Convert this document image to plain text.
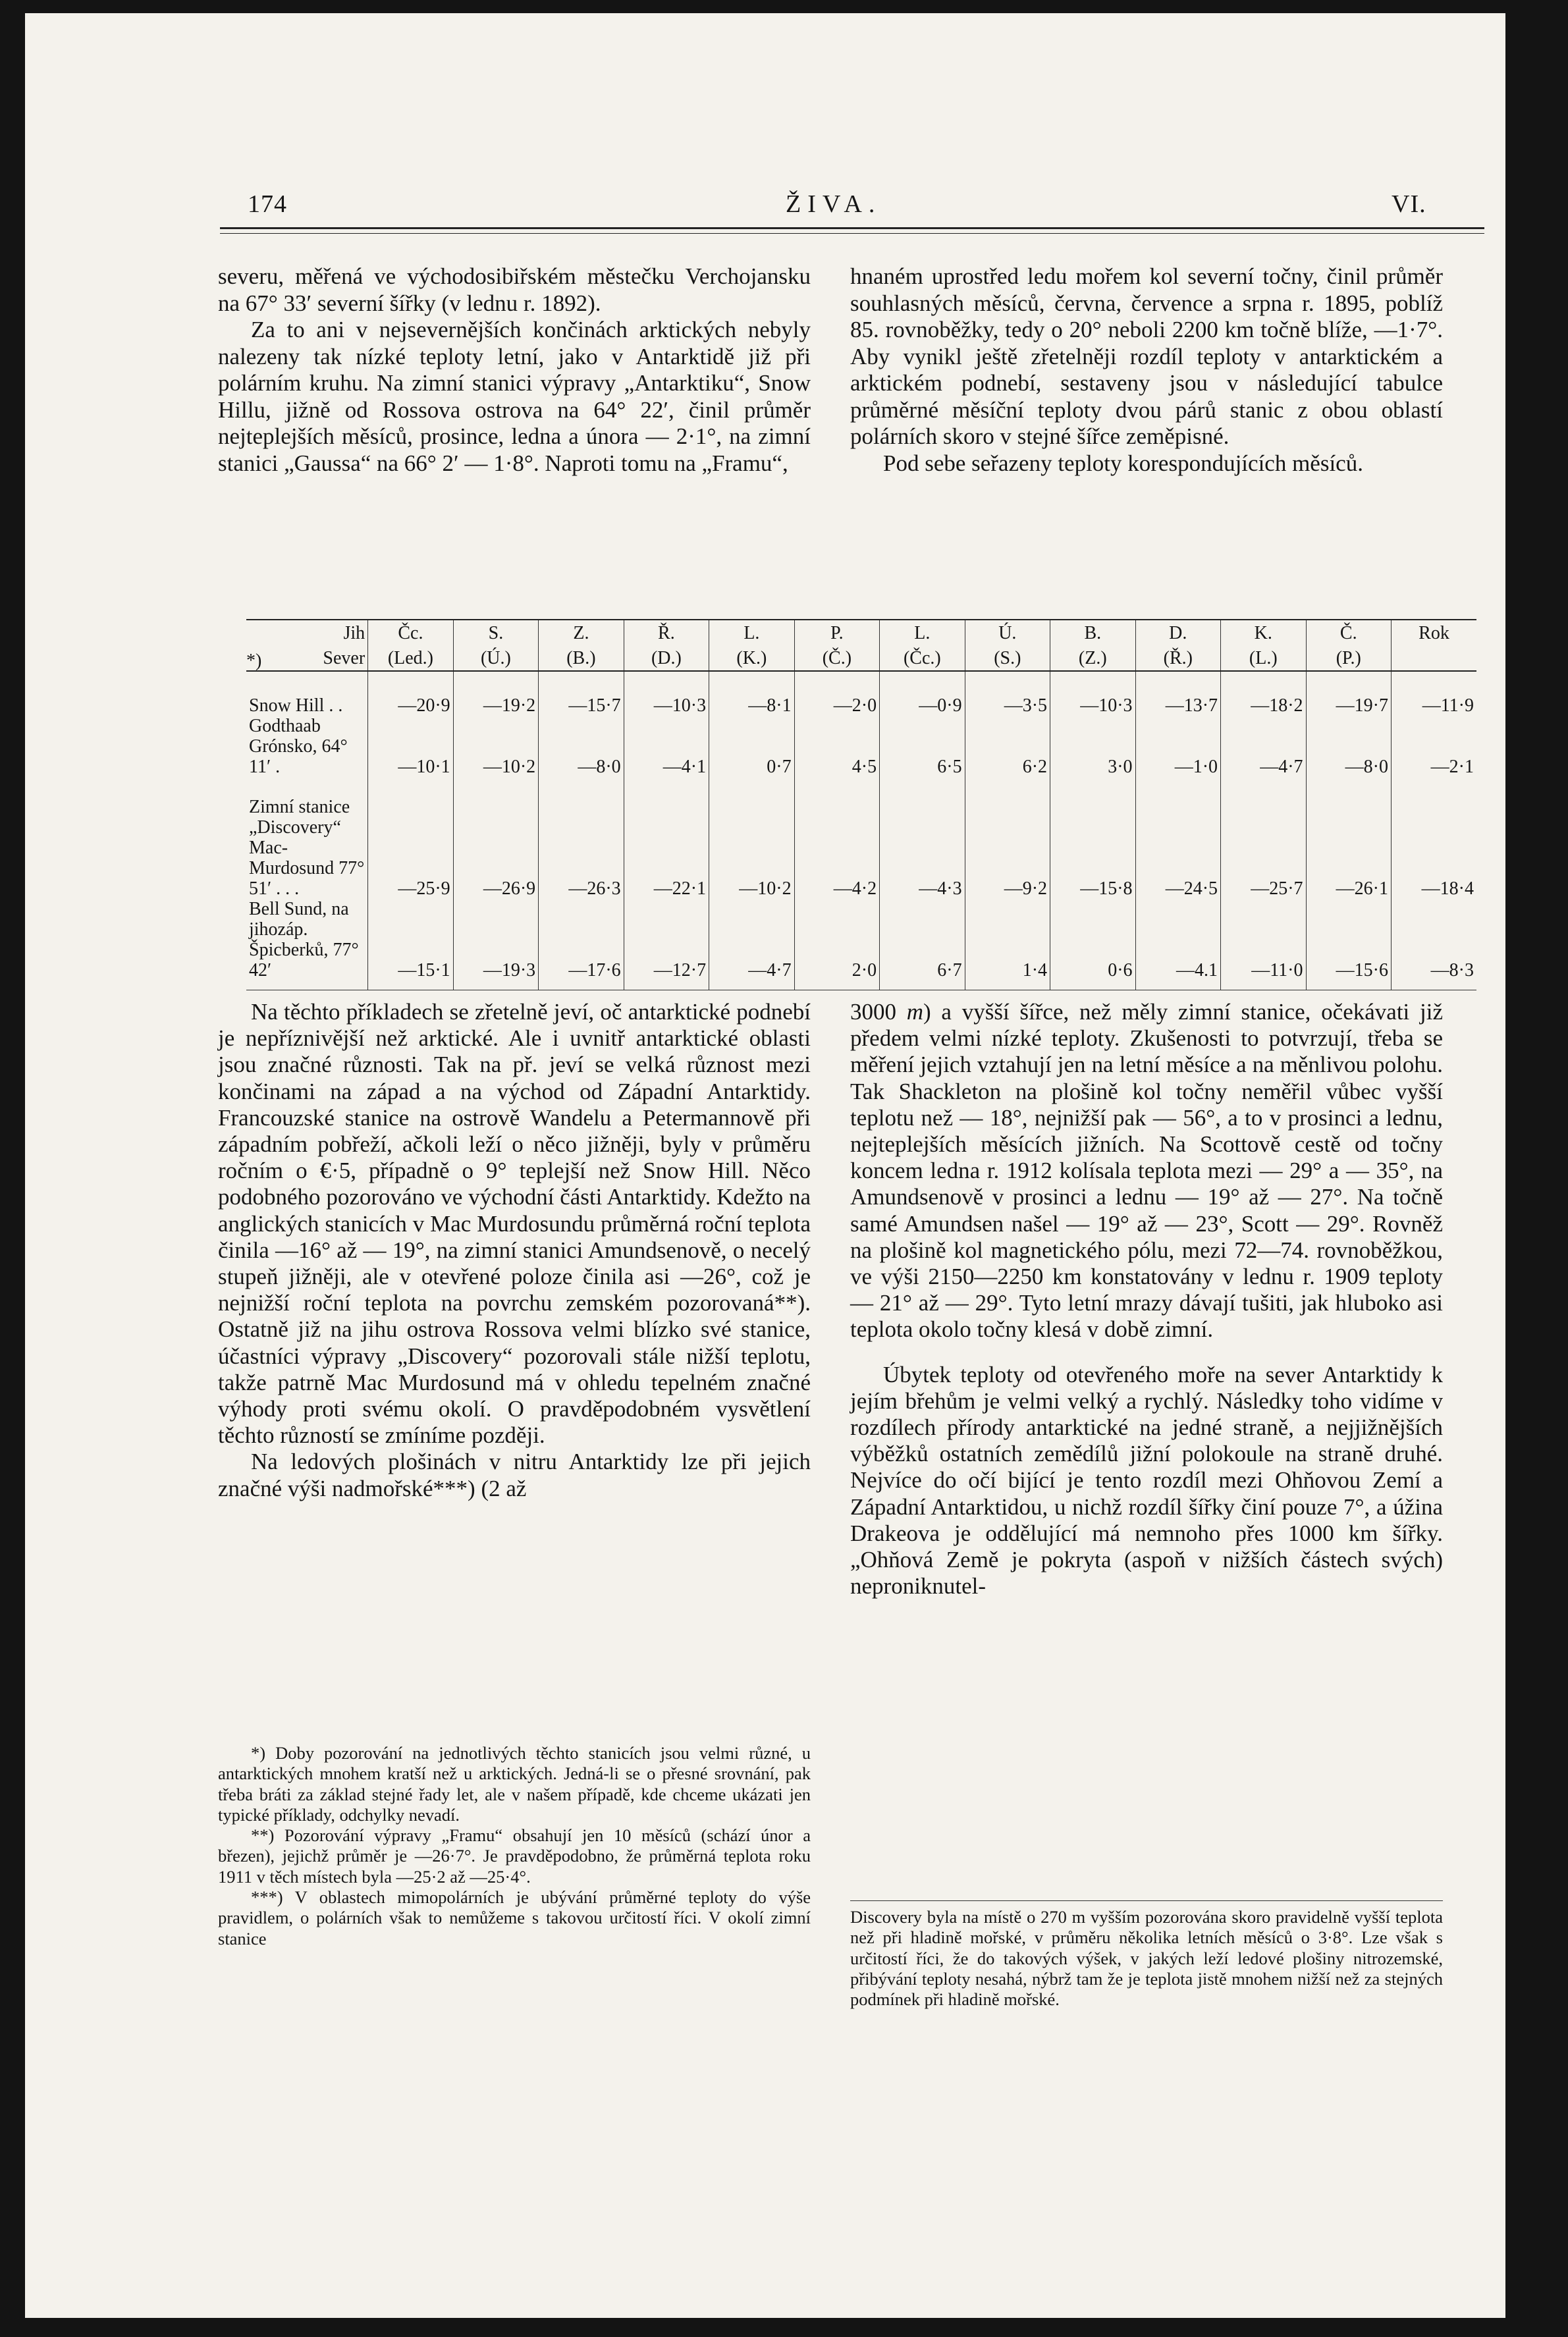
174	ŽIVA.	VI.

severu, měřená ve východosibiřském městečku Verchojansku na 67° 33′ severní šířky (v lednu r. 1892).

Za to ani v nejsevernějších končinách arktických nebyly nalezeny tak nízké teploty letní, jako v Antarktidě již při polárním kruhu. Na zimní stanici výpravy „Antarktiku“, Snow Hillu, jižně od Rossova ostrova na 64° 22′, činil průměr nejteplejších měsíců, prosince, ledna a února — 2·1°, na zimní stanici „Gaussa“ na 66° 2′ — 1·8°. Naproti tomu na „Framu“,

hnaném uprostřed ledu mořem kol severní točny, činil průměr souhlasných měsíců, června, července a srpna r. 1895, poblíž 85. rovnoběžky, tedy o 20° neboli 2200 km točně blíže, —1·7°. Aby vynikl ještě zřetelněji rozdíl teploty v antarktickém a arktickém podnebí, sestaveny jsou v následující tabulce průměrné měsíční teploty dvou párů stanic z obou oblastí polárních skoro v stejné šířce zeměpisné.

Pod sebe seřazeny teploty korespondujících měsíců.

*)
Jih	Čc.	S.	Z.	Ř.	L.	P.	L.	Ú.	B.	D.	K.	Č.	Rok
Sever	(Led.)	(Ú.)	(B.)	(D.)	(K.)	(Č.)	(Čc.)	(S.)	(Z.)	(Ř.)	(L.)	(P.)	
Snow Hill . .	—20·9	—19·2	—15·7	—10·3	—8·1	—2·0	—0·9	—3·5	—10·3	—13·7	—18·2	—19·7	—11·9
Godthaab Grónsko, 64° 11′ .	—10·1	—10·2	—8·0	—4·1	0·7	4·5	6·5	6·2	3·0	—1·0	—4·7	—8·0	—2·1
Zimní stanice „Discovery“ Mac-Murdosund 77° 51′ . . .	—25·9	—26·9	—26·3	—22·1	—10·2	—4·2	—4·3	—9·2	—15·8	—24·5	—25·7	—26·1	—18·4
Bell Sund, na jihozáp. Špicberků, 77° 42′	—15·1	—19·3	—17·6	—12·7	—4·7	2·0	6·7	1·4	0·6	—4.1	—11·0	—15·6	—8·3

Na těchto příkladech se zřetelně jeví, oč antarktické podnebí je nepříznivější než arktické. Ale i uvnitř antarktické oblasti jsou značné různosti. Tak na př. jeví se velká různost mezi končinami na západ a na východ od Západní Antarktidy. Francouzské stanice na ostrově Wandelu a Petermannově při západním pobřeží, ačkoli leží o něco jižněji, byly v průměru ročním o €·5, případně o 9° teplejší než Snow Hill. Něco podobného pozorováno ve východní části Antarktidy. Kdežto na anglických stanicích v Mac Murdosundu průměrná roční teplota činila —16° až — 19°, na zimní stanici Amundsenově, o necelý stupeň jižněji, ale v otevřené poloze činila asi —26°, což je nejnižší roční teplota na povrchu zemském pozorovaná**). Ostatně již na jihu ostrova Rossova velmi blízko své stanice, účastníci výpravy „Discovery“ pozorovali stále nižší teplotu, takže patrně Mac Murdosund má v ohledu tepelném značné výhody proti svému okolí. O pravděpodobném vysvětlení těchto růzností se zmíníme později.

Na ledových plošinách v nitru Antarktidy lze při jejich značné výši nadmořské***) (2 až

3000 m) a vyšší šířce, než měly zimní stanice, očekávati již předem velmi nízké teploty. Zkušenosti to potvrzují, třeba se měření jejich vztahují jen na letní měsíce a na měnlivou polohu. Tak Shackleton na plošině kol točny neměřil vůbec vyšší teplotu než — 18°, nejnižší pak — 56°, a to v prosinci a lednu, nejteplejších měsících jižních. Na Scottově cestě od točny koncem ledna r. 1912 kolísala teplota mezi — 29° a — 35°, na Amundsenově v prosinci a lednu — 19° až — 27°. Na točně samé Amundsen našel — 19° až — 23°, Scott — 29°. Rovněž na plošině kol magnetického pólu, mezi 72—74. rovnoběžkou, ve výši 2150—2250 km konstatovány v lednu r. 1909 teploty — 21° až — 29°. Tyto letní mrazy dávají tušiti, jak hluboko asi teplota okolo točny klesá v době zimní.

Úbytek teploty od otevřeného moře na sever Antarktidy k jejím břehům je velmi velký a rychlý. Následky toho vidíme v rozdílech přírody antarktické na jedné straně, a nejjižnějších výběžků ostatních zemědílů jižní polokoule na straně druhé. Nejvíce do očí bijící je tento rozdíl mezi Ohňovou Zemí a Západní Antarktidou, u nichž rozdíl šířky činí pouze 7°, a úžina Drakeova je oddělující má nemnoho přes 1000 km šířky. „Ohňová Země je pokryta (aspoň v nižších částech svých) neproniknutel-

*) Doby pozorování na jednotlivých těchto stanicích jsou velmi různé, u antarktických mnohem kratší než u arktických. Jedná-li se o přesné srovnání, pak třeba bráti za základ stejné řady let, ale v našem případě, kde chceme ukázati jen typické příklady, odchylky nevadí.

**) Pozorování výpravy „Framu“ obsahují jen 10 měsíců (schází únor a březen), jejichž průměr je —26·7°. Je pravděpodobno, že průměrná teplota roku 1911 v těch místech byla —25·2 až —25·4°.

***) V oblastech mimopolárních je ubývání průměrné teploty do výše pravidlem, o polárních však to nemůžeme s takovou určitostí říci. V okolí zimní stanice

Discovery byla na místě o 270 m vyšším pozorována skoro pravidelně vyšší teplota než při hladině mořské, v průměru několika letních měsíců o 3·8°. Lze však s určitostí říci, že do takových výšek, v jakých leží ledové plošiny nitrozemské, přibývání teploty nesahá, nýbrž tam že je teplota jistě mnohem nižší než za stejných podmínek při hladině mořské.
